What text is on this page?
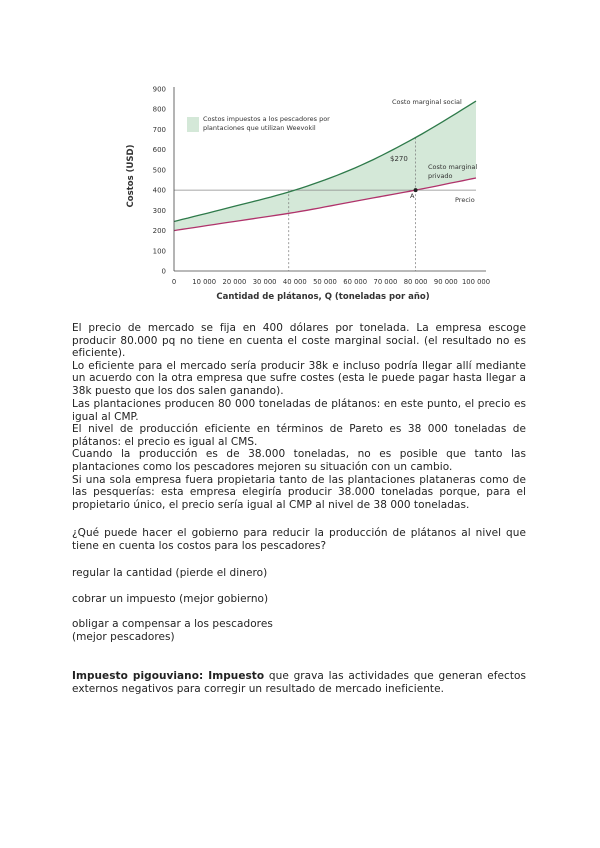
0
100
200
300
400
500
600
700
800
900
0 10 000 20 000 30 000 40 000 50 000 60 000 70 000 80 000 90 000 100 000
Costos impuestos a los pescadores por
plantaciones que utilizan Weevokil
Costo marginal social
Costo marginal
privado
Precio
$270
A
Cantidad de plátanos, Q (toneladas por año)
Costos (USD)

El precio de mercado se fija en 400 dólares por tonelada. La empresa escoge producir 80.000 pq no tiene en cuenta el coste marginal social. (el resultado no es eficiente).

Lo eficiente para el mercado sería producir 38k e incluso podría llegar allí mediante un acuerdo con la otra empresa que sufre costes (esta le puede pagar hasta llegar a 38k puesto que los dos salen ganando).

Las plantaciones producen 80 000 toneladas de plátanos: en este punto, el precio es igual al CMP.

El nivel de producción eficiente en términos de Pareto es 38 000 toneladas de plátanos: el precio es igual al CMS.

Cuando la producción es de 38.000 toneladas, no es posible que tanto las plantaciones como los pescadores mejoren su situación con un cambio.

Si una sola empresa fuera propietaria tanto de las plantaciones plataneras como de las pesquerías: esta empresa elegiría producir 38.000 toneladas porque, para el propietario único, el precio sería igual al CMP al nivel de 38 000 toneladas.

¿Qué puede hacer el gobierno para reducir la producción de plátanos al nivel que tiene en cuenta los costos para los pescadores?

regular la cantidad (pierde el dinero)

cobrar un impuesto (mejor gobierno)

obligar a compensar a los pescadores

(mejor pescadores)

Impuesto pigouviano: Impuesto que grava las actividades que generan efectos externos negativos para corregir un resultado de mercado ineficiente.
